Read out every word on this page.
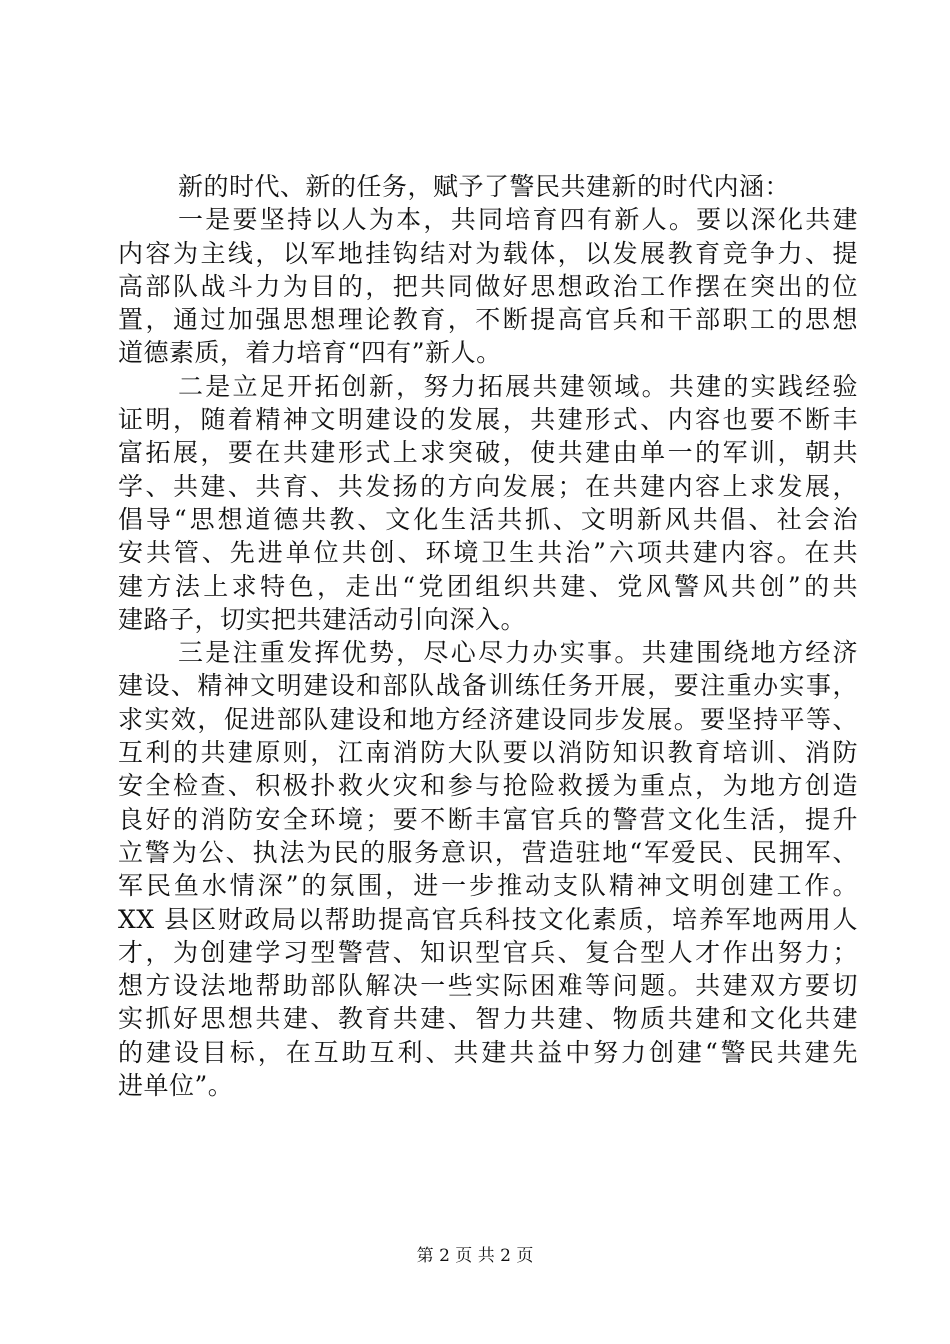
新的时代、新的任务，赋予了警民共建新的时代内涵：
一是要坚持以人为本，共同培育四有新人。要以深化共建
内容为主线，以军地挂钩结对为载体，以发展教育竞争力、提
高部队战斗力为目的，把共同做好思想政治工作摆在突出的位
置，通过加强思想理论教育，不断提高官兵和干部职工的思想
道德素质，着力培育“四有”新人。
二是立足开拓创新，努力拓展共建领域。共建的实践经验
证明，随着精神文明建设的发展，共建形式、内容也要不断丰
富拓展，要在共建形式上求突破，使共建由单一的军训，朝共
学、共建、共育、共发扬的方向发展；在共建内容上求发展，
倡导“思想道德共教、文化生活共抓、文明新风共倡、社会治
安共管、先进单位共创、环境卫生共治”六项共建内容。在共
建方法上求特色，走出“党团组织共建、党风警风共创”的共
建路子，切实把共建活动引向深入。
三是注重发挥优势，尽心尽力办实事。共建围绕地方经济
建设、精神文明建设和部队战备训练任务开展，要注重办实事，
求实效，促进部队建设和地方经济建设同步发展。要坚持平等、
互利的共建原则，江南消防大队要以消防知识教育培训、消防
安全检查、积极扑救火灾和参与抢险救援为重点，为地方创造
良好的消防安全环境；要不断丰富官兵的警营文化生活，提升
立警为公、执法为民的服务意识，营造驻地“军爱民、民拥军、
军民鱼水情深”的氛围，进一步推动支队精神文明创建工作。
XX 县区财政局以帮助提高官兵科技文化素质，培养军地两用人
才，为创建学习型警营、知识型官兵、复合型人才作出努力；
想方设法地帮助部队解决一些实际困难等问题。共建双方要切
实抓好思想共建、教育共建、智力共建、物质共建和文化共建
的建设目标，在互助互利、共建共益中努力创建“警民共建先
进单位”。
第 2 页 共 2 页
